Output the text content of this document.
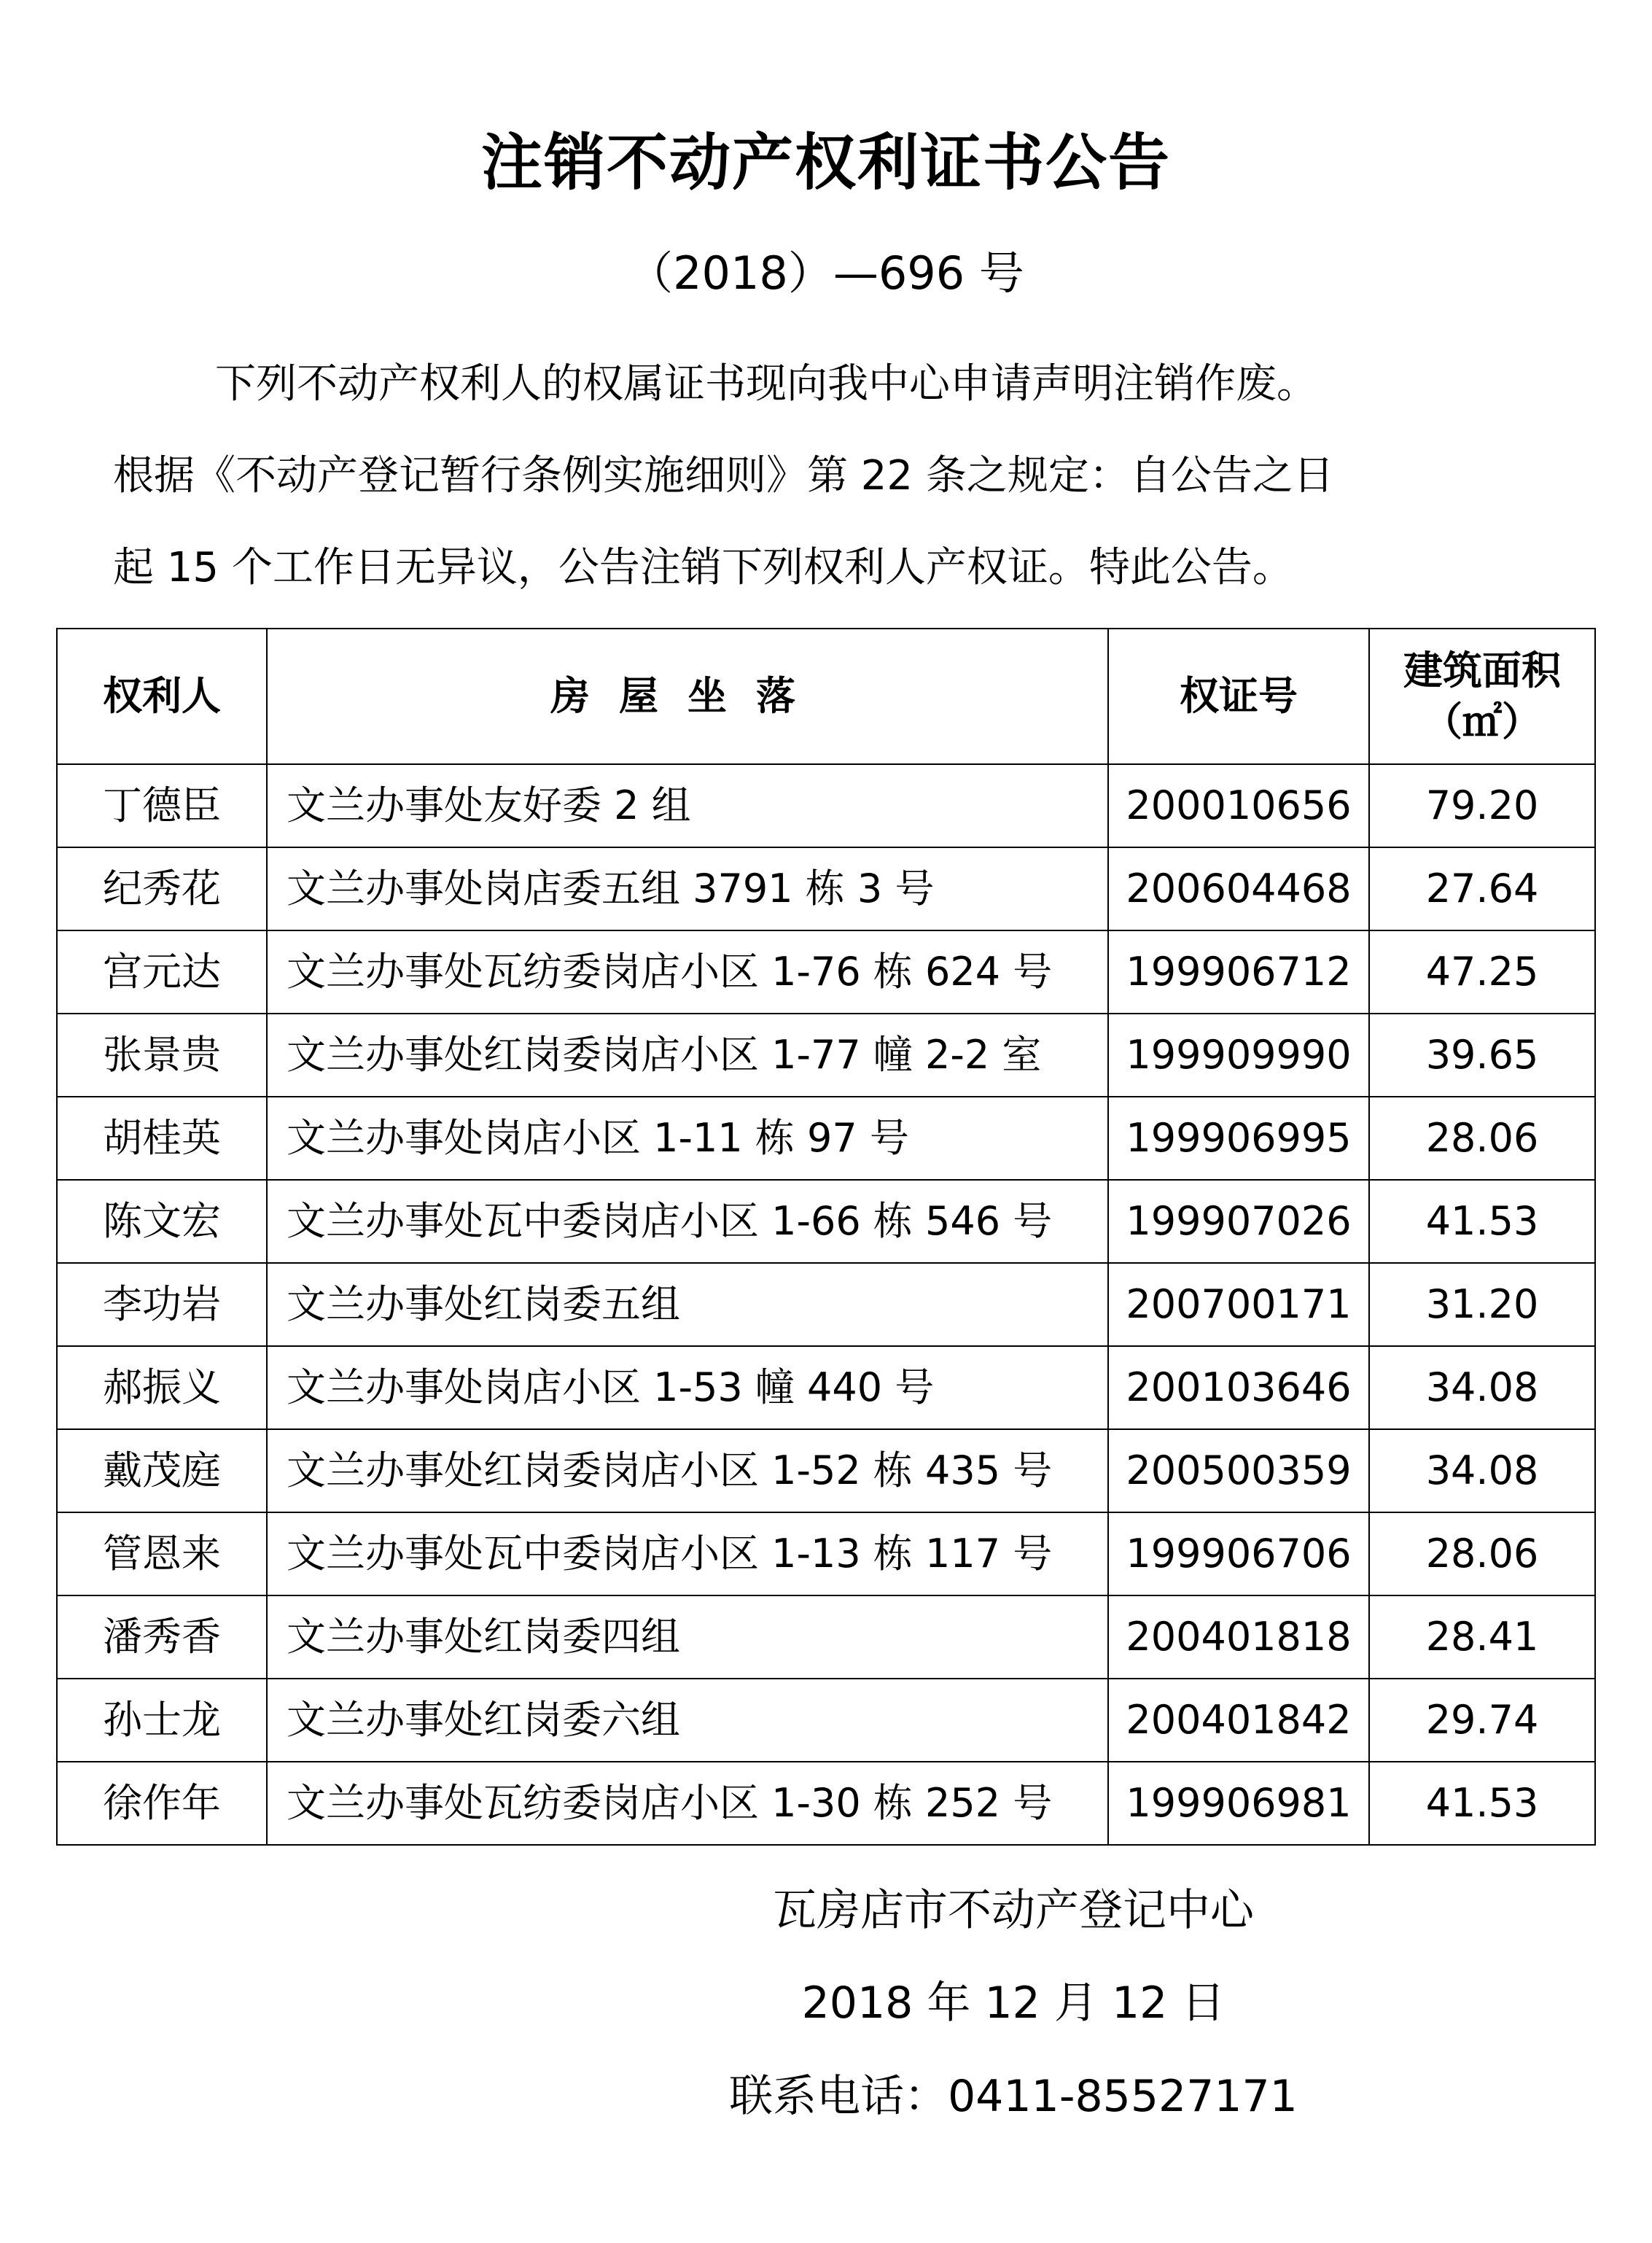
注销不动产权利证书公告
（2018）—696 号
下列不动产权利人的权属证书现向我中心申请声明注销作废。
根据《不动产登记暂行条例实施细则》第 22 条之规定：自公告之日
起 15 个工作日无异议，公告注销下列权利人产权证。特此公告。
权利人	房屋坐落	权证号	建筑面积
（㎡）

丁德臣	文兰办事处友好委 2 组	200010656	79.20
纪秀花	文兰办事处岗店委五组 3791 栋 3 号	200604468	27.64
宫元达	文兰办事处瓦纺委岗店小区 1-76 栋 624 号	199906712	47.25
张景贵	文兰办事处红岗委岗店小区 1-77 幢 2-2 室	199909990	39.65
胡桂英	文兰办事处岗店小区 1-11 栋 97 号	199906995	28.06
陈文宏	文兰办事处瓦中委岗店小区 1-66 栋 546 号	199907026	41.53
李功岩	文兰办事处红岗委五组	200700171	31.20
郝振义	文兰办事处岗店小区 1-53 幢 440 号	200103646	34.08
戴茂庭	文兰办事处红岗委岗店小区 1-52 栋 435 号	200500359	34.08
管恩来	文兰办事处瓦中委岗店小区 1-13 栋 117 号	199906706	28.06
潘秀香	文兰办事处红岗委四组	200401818	28.41
孙士龙	文兰办事处红岗委六组	200401842	29.74
徐作年	文兰办事处瓦纺委岗店小区 1-30 栋 252 号	199906981	41.53
瓦房店市不动产登记中心
2018 年 12 月 12 日
联系电话：0411-85527171
